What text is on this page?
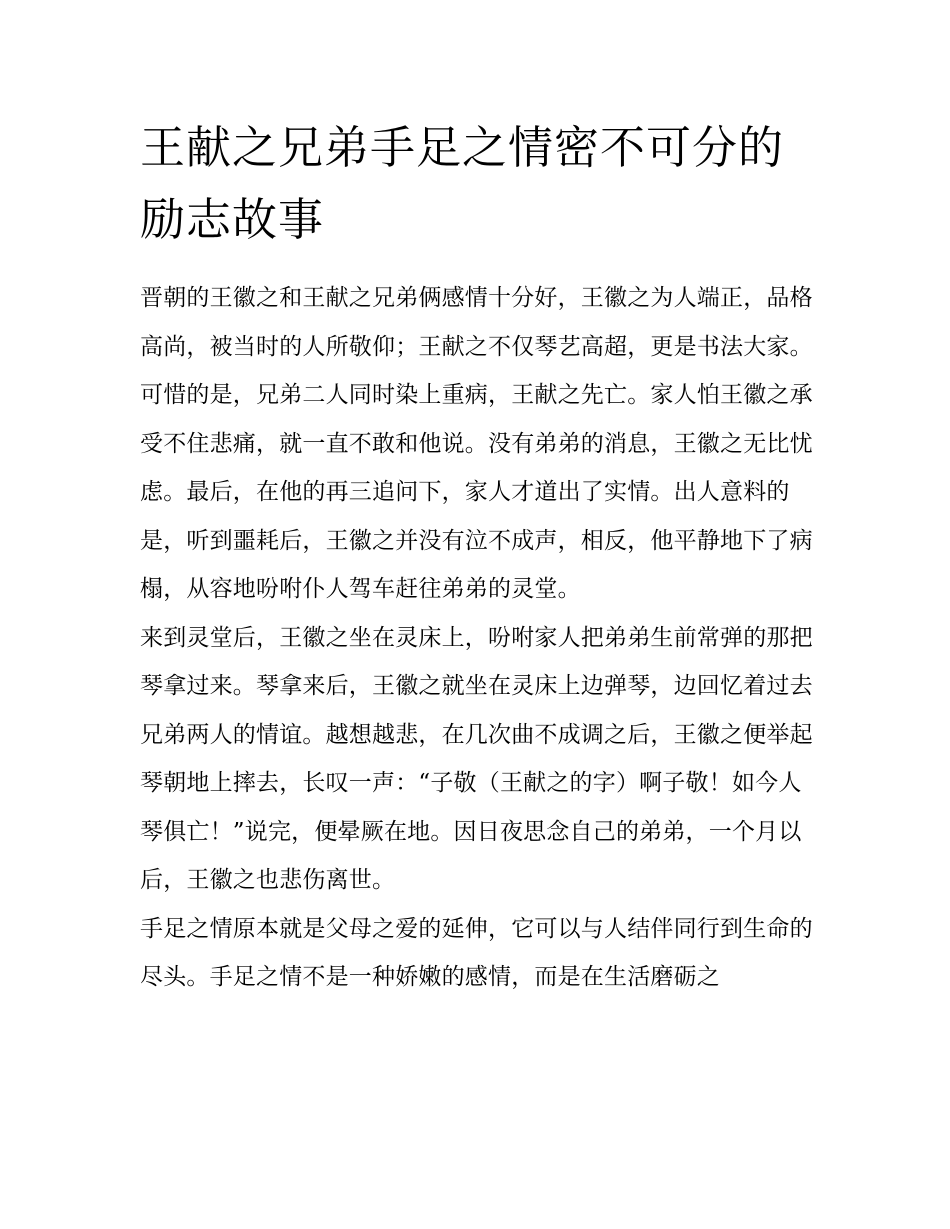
王献之兄弟手足之情密不可分的励志故事

晋朝的王徽之和王献之兄弟俩感情十分好，王徽之为人端正，品格高尚，被当时的人所敬仰；王献之不仅琴艺高超，更是书法大家。可惜的是，兄弟二人同时染上重病，王献之先亡。家人怕王徽之承受不住悲痛，就一直不敢和他说。没有弟弟的消息，王徽之无比忧虑。最后，在他的再三追问下，家人才道出了实情。出人意料的是，听到噩耗后，王徽之并没有泣不成声，相反，他平静地下了病榻，从容地吩咐仆人驾车赶往弟弟的灵堂。

来到灵堂后，王徽之坐在灵床上，吩咐家人把弟弟生前常弹的那把琴拿过来。琴拿来后，王徽之就坐在灵床上边弹琴，边回忆着过去兄弟两人的情谊。越想越悲，在几次曲不成调之后，王徽之便举起琴朝地上摔去，长叹一声：“子敬（王献之的字）啊子敬！如今人琴俱亡！”说完，便晕厥在地。因日夜思念自己的弟弟，一个月以后，王徽之也悲伤离世。

手足之情原本就是父母之爱的延伸，它可以与人结伴同行到生命的尽头。手足之情不是一种娇嫩的感情，而是在生活磨砺之
